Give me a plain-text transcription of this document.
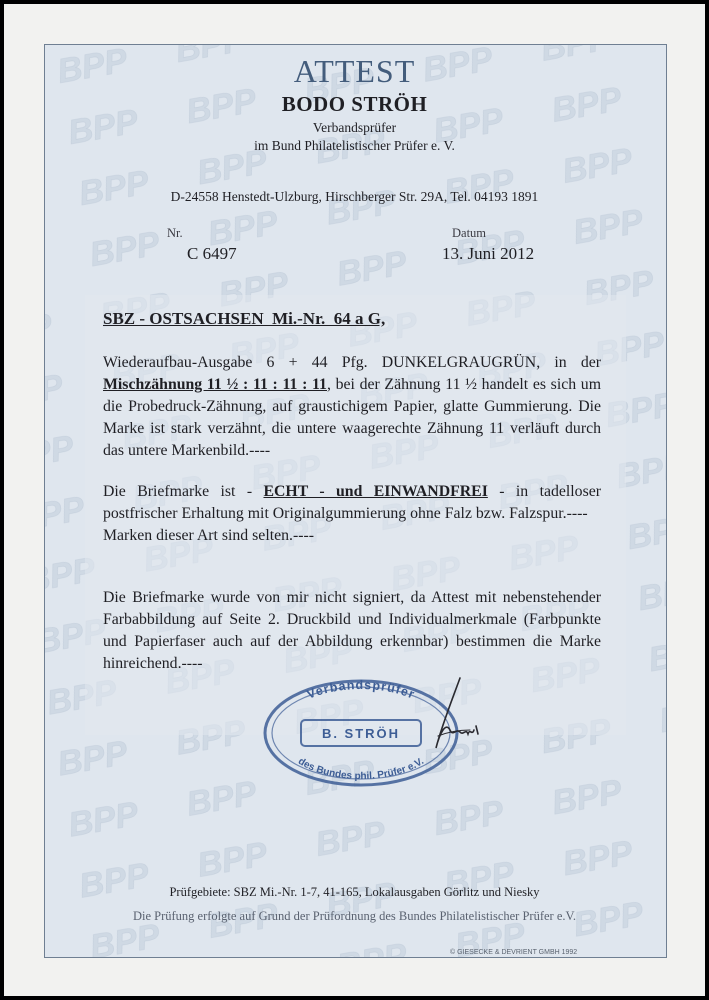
ATTEST
BODO STRÖH
Verbandsprüfer
im Bund Philatelistischer Prüfer e. V.
D-24558 Henstedt-Ulzburg, Hirschberger Str. 29A, Tel. 04193 1891
Nr.
C 6497
Datum
13. Juni 2012
SBZ - OSTSACHSEN  Mi.-Nr.  64 a G,

Wiederaufbau-Ausgabe 6 + 44 Pfg. DUNKELGRAUGRÜN, in der Mischzähnung 11 ½ : 11 : 11 : 11, bei der Zähnung 11 ½ handelt es sich um die Probedruck-Zähnung, auf graustichigem Papier, glatte Gummierung. Die Marke ist stark verzähnt, die untere waagerechte Zähnung 11 verläuft durch das untere Markenbild.----

Die Briefmarke ist - ECHT - und EINWANDFREI - in tadelloser postfrischer Erhaltung mit Originalgummierung ohne Falz bzw. Falzspur.----

Marken dieser Art sind selten.----

Die Briefmarke wurde von mir nicht signiert, da Attest mit nebenstehender Farbabbildung auf Seite 2. Druckbild und Individualmerkmale (Farbpunkte und Papierfaser auch auf der Abbildung erkennbar) bestimmen die Marke hinreichend.----

Verbandsprüfer
B. STRÖH
des Bundes phil. Prüfer e.V.
Prüfgebiete: SBZ Mi.-Nr. 1-7, 41-165, Lokalausgaben Görlitz und Niesky
Die Prüfung erfolgte auf Grund der Prüfordnung des Bundes Philatelistischer Prüfer e.V.
© GIESECKE & DEVRIENT GMBH 1992
